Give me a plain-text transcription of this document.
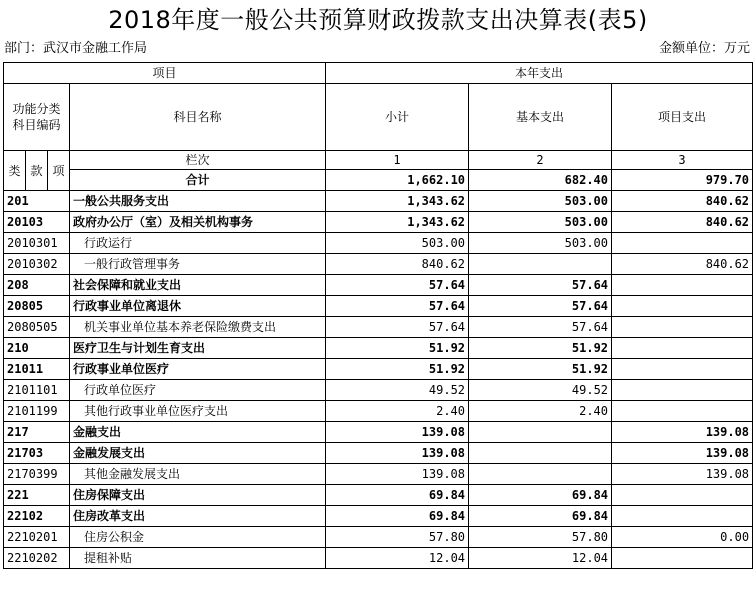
2018年度一般公共预算财政拨款支出决算表(表5)
部门：武汉市金融工作局	金额单位：万元
项目				本年支出		
功能分类科目编码			科目名称	小计	基本支出	项目支出
类	款	项	栏次	1	2	3
			合计	1,662.10	682.40	979.70
201			一般公共服务支出	1,343.62	503.00	840.62
20103			政府办公厅（室）及相关机构事务	1,343.62	503.00	840.62
2010301			行政运行	503.00	503.00	
2010302			一般行政管理事务	840.62		840.62
208			社会保障和就业支出	57.64	57.64	
20805			行政事业单位离退休	57.64	57.64	
2080505			机关事业单位基本养老保险缴费支出	57.64	57.64	
210			医疗卫生与计划生育支出	51.92	51.92	
21011			行政事业单位医疗	51.92	51.92	
2101101			行政单位医疗	49.52	49.52	
2101199			其他行政事业单位医疗支出	2.40	2.40	
217			金融支出	139.08		139.08
21703			金融发展支出	139.08		139.08
2170399			其他金融发展支出	139.08		139.08
221			住房保障支出	69.84	69.84	
22102			住房改革支出	69.84	69.84	
2210201			住房公积金	57.80	57.80	0.00
2210202			提租补贴	12.04	12.04	
